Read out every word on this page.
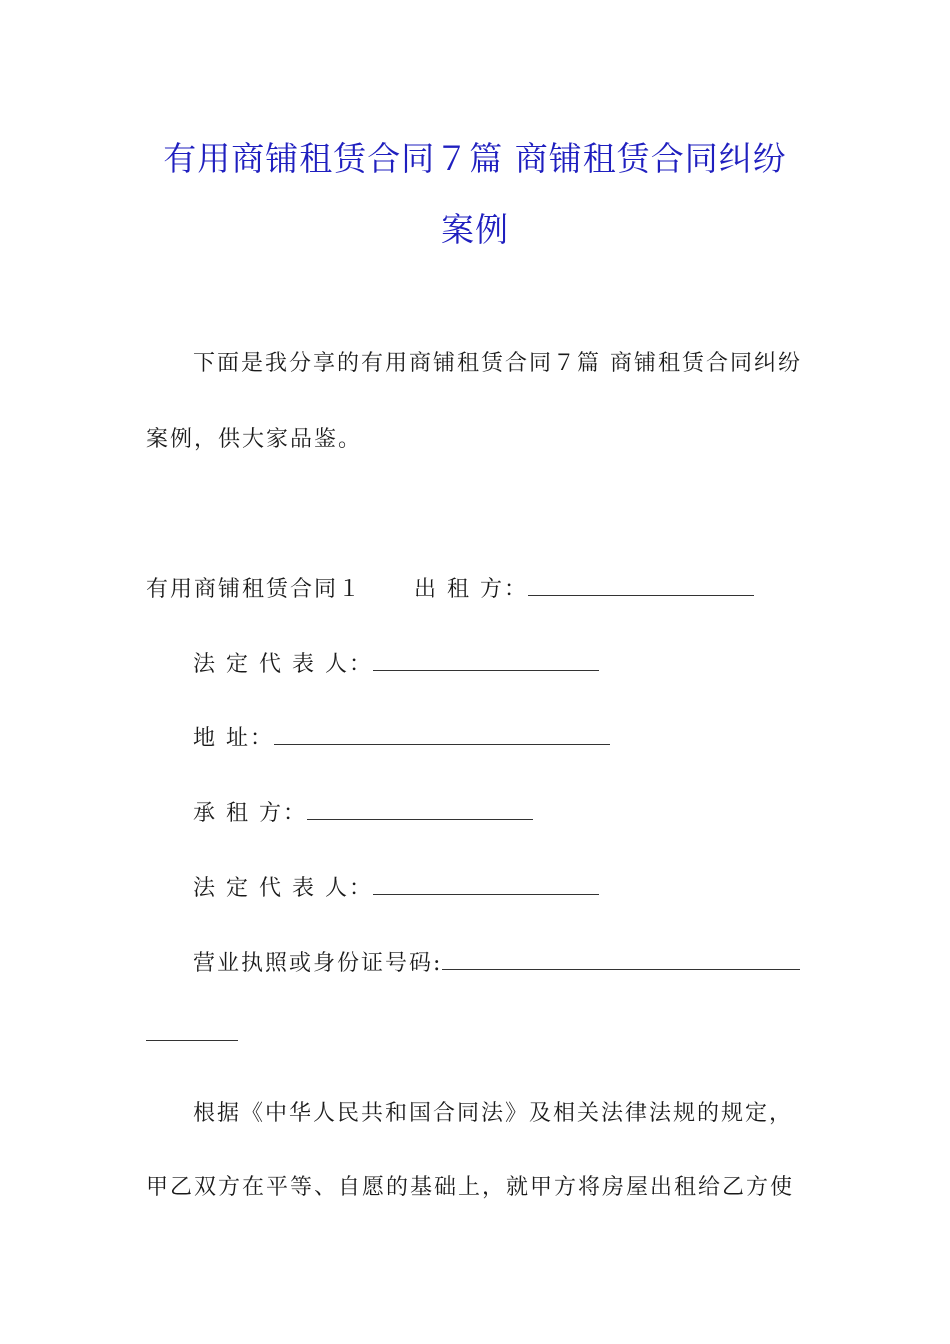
有用商铺租赁合同７篇 商铺租赁合同纠纷
案例
下面是我分享的有用商铺租赁合同７篇 商铺租赁合同纠纷
案例，供大家品鉴。
有用商铺租赁合同１ 出 租 方：
法 定 代 表 人：
地 址：
承 租 方：
法 定 代 表 人：
营业执照或身份证号码:
根据《中华人民共和国合同法》及相关法律法规的规定，
甲乙双方在平等、自愿的基础上，就甲方将房屋出租给乙方使
